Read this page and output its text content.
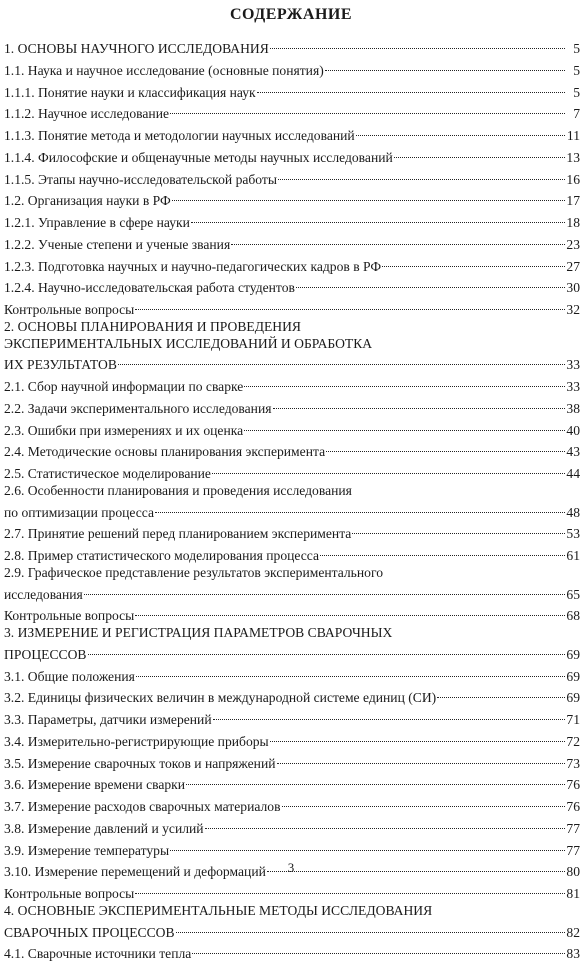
СОДЕРЖАНИЕ
1. ОСНОВЫ НАУЧНОГО ИССЛЕДОВАНИЯ	5
1.1. Наука и научное исследование (основные понятия)	5
1.1.1. Понятие науки и классификация наук	5
1.1.2. Научное исследование	7
1.1.3. Понятие метода и методологии научных исследований	11
1.1.4. Философские и общенаучные методы научных исследований	13
1.1.5. Этапы научно-исследовательской работы	16
1.2. Организация науки в РФ	17
1.2.1. Управление в сфере науки	18
1.2.2. Ученые степени и ученые звания	23
1.2.3. Подготовка научных и научно-педагогических кадров в РФ	27
1.2.4. Научно-исследовательская работа студентов	30
Контрольные вопросы	32
2. ОСНОВЫ ПЛАНИРОВАНИЯ И ПРОВЕДЕНИЯ
ЭКСПЕРИМЕНТАЛЬНЫХ ИССЛЕДОВАНИЙ И ОБРАБОТКА
ИХ РЕЗУЛЬТАТОВ	33
2.1. Сбор научной информации по сварке	33
2.2. Задачи экспериментального исследования	38
2.3. Ошибки при измерениях и их оценка	40
2.4. Методические основы планирования эксперимента	43
2.5. Статистическое моделирование	44
2.6. Особенности планирования и проведения исследования
по оптимизации процесса	48
2.7. Принятие решений перед планированием эксперимента	53
2.8. Пример статистического моделирования процесса	61
2.9. Графическое представление результатов экспериментального
исследования	65
Контрольные вопросы	68
3. ИЗМЕРЕНИЕ И РЕГИСТРАЦИЯ ПАРАМЕТРОВ СВАРОЧНЫХ
ПРОЦЕССОВ	69
3.1. Общие положения	69
3.2. Единицы физических величин в международной системе единиц (СИ)	69
3.3. Параметры, датчики измерений	71
3.4. Измерительно-регистрирующие приборы	72
3.5. Измерение сварочных токов и напряжений	73
3.6. Измерение времени сварки	76
3.7. Измерение расходов сварочных материалов	76
3.8. Измерение давлений и усилий	77
3.9. Измерение температуры	77
3.10. Измерение перемещений и деформаций	80
Контрольные вопросы	81
4. ОСНОВНЫЕ ЭКСПЕРИМЕНТАЛЬНЫЕ МЕТОДЫ ИССЛЕДОВАНИЯ
СВАРОЧНЫХ ПРОЦЕССОВ	82
4.1. Сварочные источники тепла	83
3
